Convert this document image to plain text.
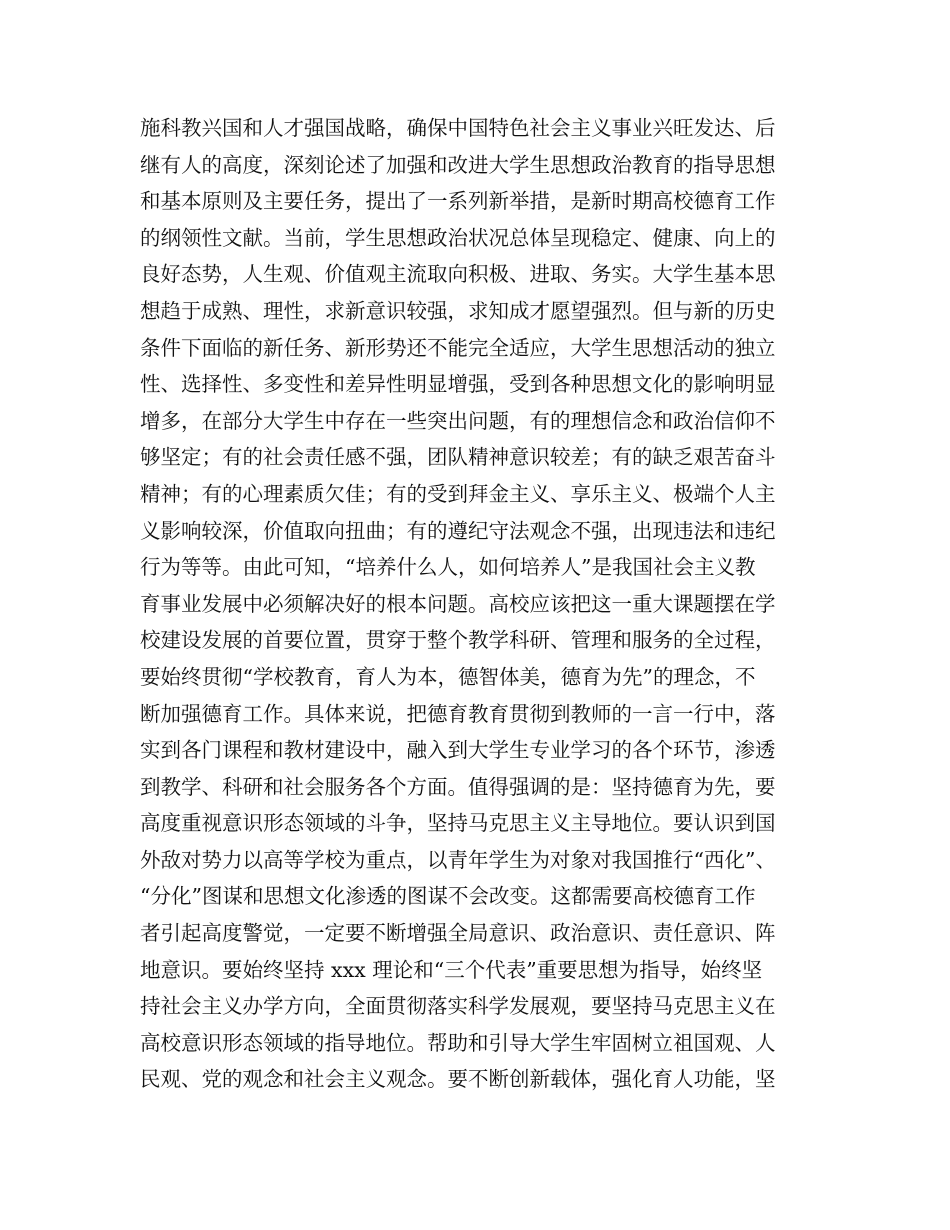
施科教兴国和人才强国战略，确保中国特色社会主义事业兴旺发达、后
继有人的高度，深刻论述了加强和改进大学生思想政治教育的指导思想
和基本原则及主要任务，提出了一系列新举措，是新时期高校德育工作
的纲领性文献。当前，学生思想政治状况总体呈现稳定、健康、向上的
良好态势，人生观、价值观主流取向积极、进取、务实。大学生基本思
想趋于成熟、理性，求新意识较强，求知成才愿望强烈。但与新的历史
条件下面临的新任务、新形势还不能完全适应，大学生思想活动的独立
性、选择性、多变性和差异性明显增强，受到各种思想文化的影响明显
增多，在部分大学生中存在一些突出问题，有的理想信念和政治信仰不
够坚定；有的社会责任感不强，团队精神意识较差；有的缺乏艰苦奋斗
精神；有的心理素质欠佳；有的受到拜金主义、享乐主义、极端个人主
义影响较深，价值取向扭曲；有的遵纪守法观念不强，出现违法和违纪
行为等等。由此可知，“培养什么人，如何培养人”是我国社会主义教
育事业发展中必须解决好的根本问题。高校应该把这一重大课题摆在学
校建设发展的首要位置，贯穿于整个教学科研、管理和服务的全过程，
要始终贯彻“学校教育，育人为本，德智体美，德育为先”的理念，不
断加强德育工作。具体来说，把德育教育贯彻到教师的一言一行中，落
实到各门课程和教材建设中，融入到大学生专业学习的各个环节，渗透
到教学、科研和社会服务各个方面。值得强调的是：坚持德育为先，要
高度重视意识形态领域的斗争，坚持马克思主义主导地位。要认识到国
外敌对势力以高等学校为重点，以青年学生为对象对我国推行“西化”、
“分化”图谋和思想文化渗透的图谋不会改变。这都需要高校德育工作
者引起高度警觉，一定要不断增强全局意识、政治意识、责任意识、阵
地意识。要始终坚持 xxx 理论和“三个代表”重要思想为指导，始终坚
持社会主义办学方向，全面贯彻落实科学发展观，要坚持马克思主义在
高校意识形态领域的指导地位。帮助和引导大学生牢固树立祖国观、人
民观、党的观念和社会主义观念。要不断创新载体，强化育人功能，坚
